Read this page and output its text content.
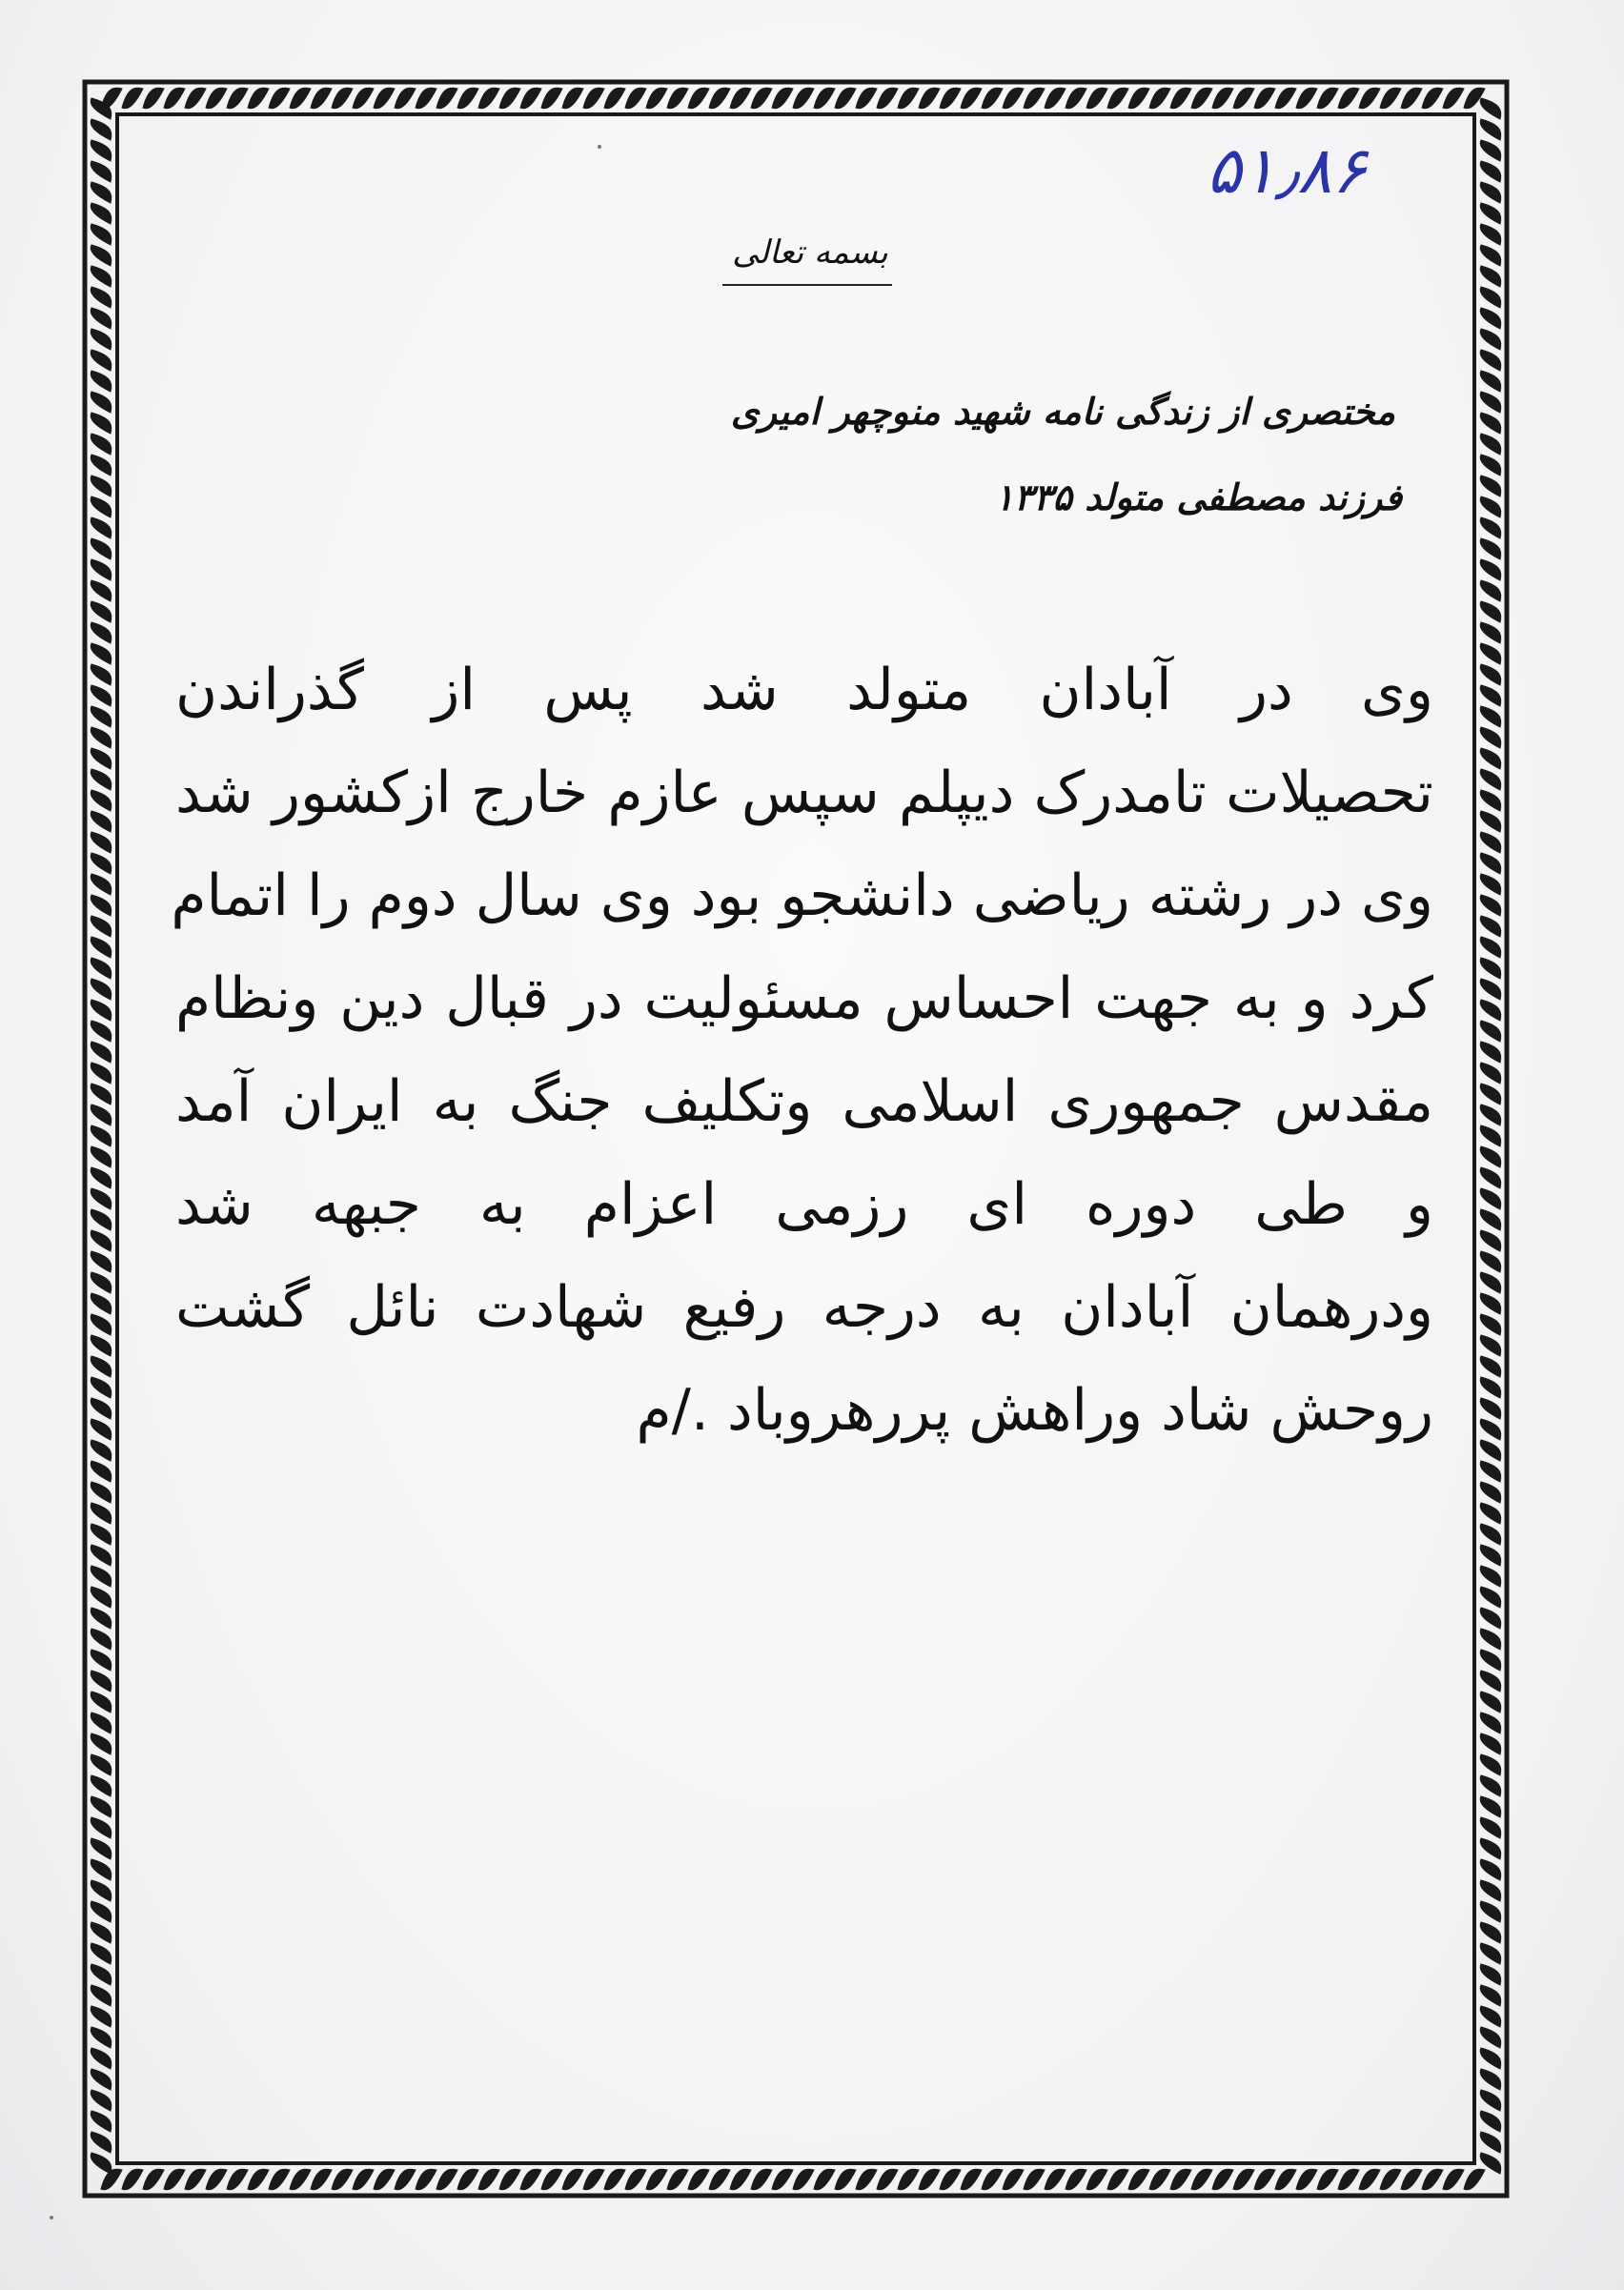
۵۱٫۸۶
بسمه تعالی
مختصری از زندگی نامه شهید منوچهر امیری
فرزند مصطفی متولد ۱۳۳۵
وی در آبادان متولد شد پس از گذراندن
تحصیلات تامدرک دیپلم سپس عازم خارج ازکشور شد
وی در رشته ریاضی دانشجو بود وی سال دوم را اتمام
کرد و به جهت احساس مسئولیت در قبال دین ونظام
مقدس جمهوری اسلامی وتکلیف جنگ به ایران آمد
و طی دوره ای رزمی اعزام به جبهه شد
ودرهمان آبادان به درجه رفیع شهادت نائل گشت
روحش شاد وراهش پررهروباد ./م
